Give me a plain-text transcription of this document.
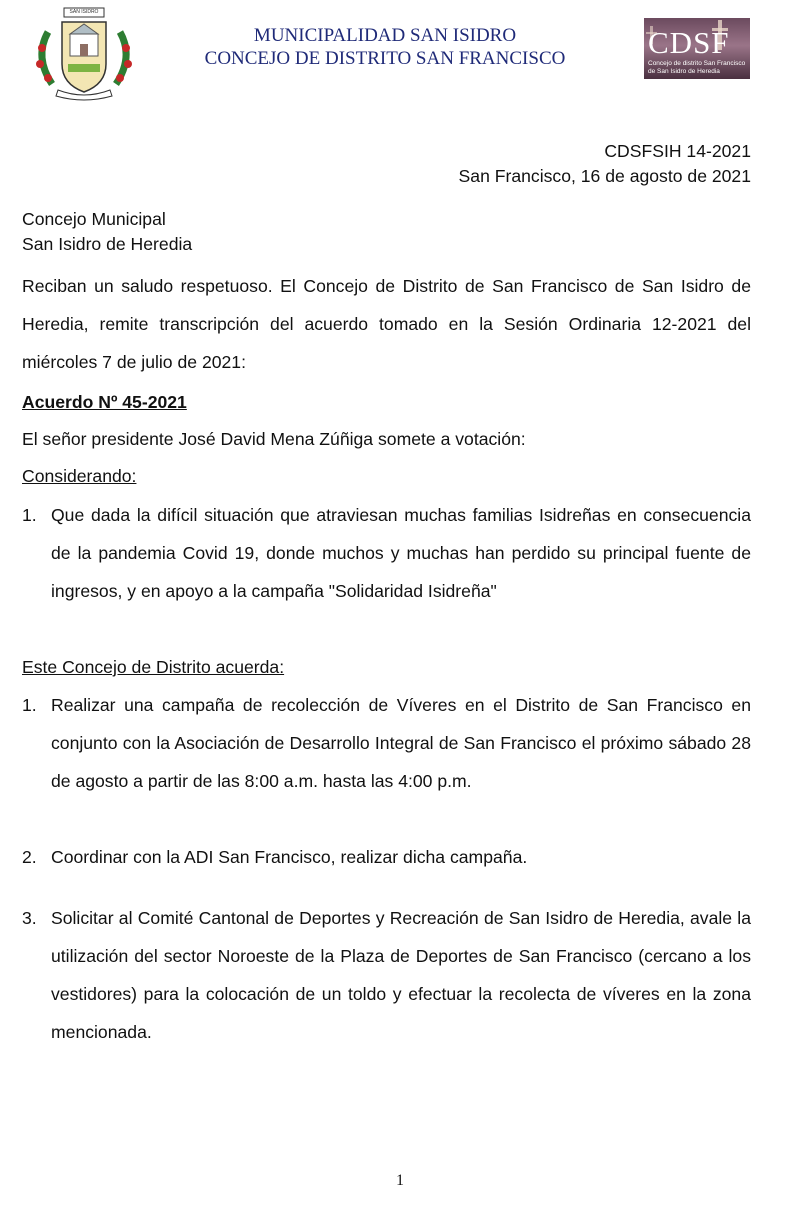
SAN ISIDRO
MUNICIPALIDAD SAN ISIDRO
CONCEJO DE DISTRITO SAN FRANCISCO	CDSF
Concejo de distrito San Francisco
de San Isidro de Heredia
CDSFSIH 14-2021
San Francisco, 16 de agosto de 2021
Concejo Municipal
San Isidro de Heredia
Reciban un saludo respetuoso. El Concejo de Distrito de San Francisco de San Isidro de Heredia, remite transcripción del acuerdo tomado en la Sesión Ordinaria 12-2021 del miércoles 7 de julio de 2021:
Acuerdo Nº 45-2021
El señor presidente José David Mena Zúñiga somete a votación:
Considerando:
1. Que dada la difícil situación que atraviesan muchas familias Isidreñas en consecuencia de la pandemia Covid 19, donde muchos y muchas han perdido su principal fuente de ingresos, y en apoyo a la campaña "Solidaridad Isidreña"
Este Concejo de Distrito acuerda:
1. Realizar una campaña de recolección de Víveres en el Distrito de San Francisco en conjunto con la Asociación de Desarrollo Integral de San Francisco el próximo sábado 28 de agosto a partir de las 8:00 a.m. hasta las 4:00 p.m.
2. Coordinar con la ADI San Francisco, realizar dicha campaña.
3. Solicitar al Comité Cantonal de Deportes y Recreación de San Isidro de Heredia, avale la utilización del sector Noroeste de la Plaza de Deportes de San Francisco (cercano a los vestidores) para la colocación de un toldo y efectuar la recolecta de víveres en la zona mencionada.
1
